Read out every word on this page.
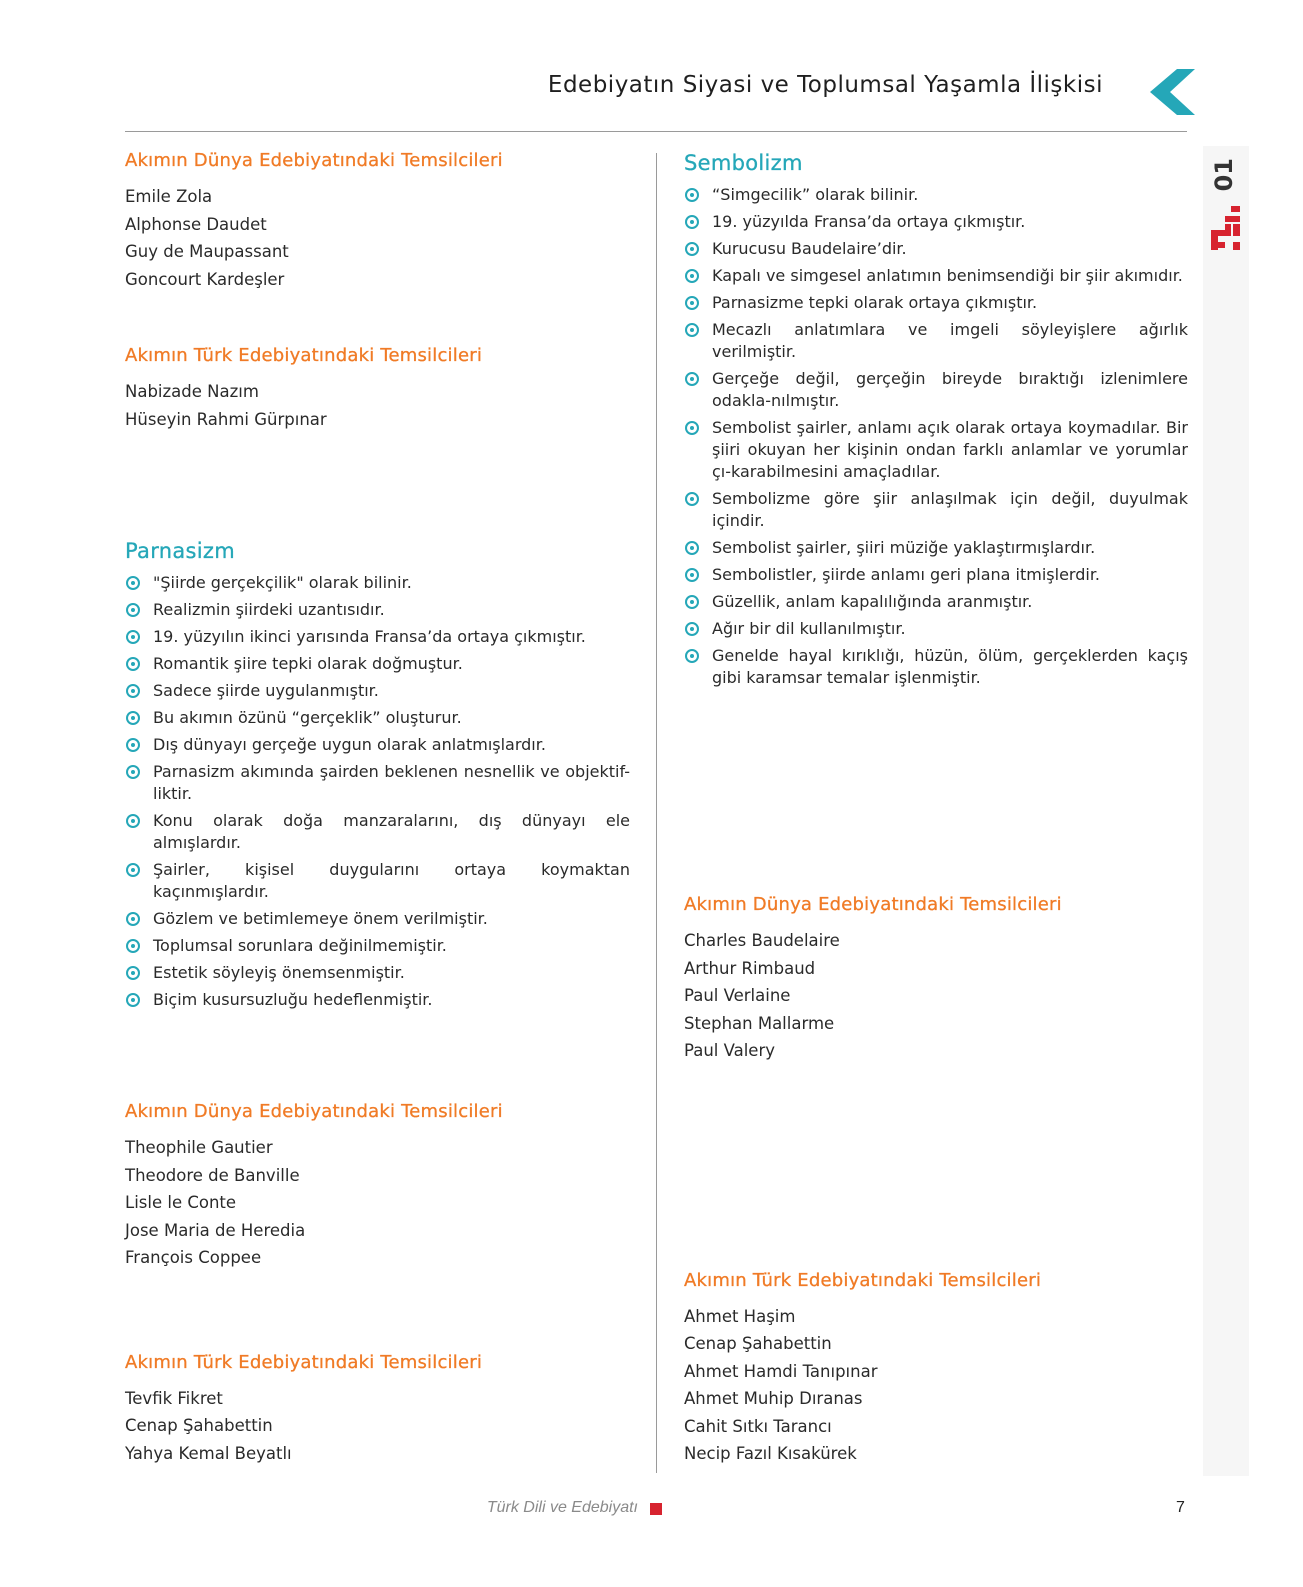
Edebiyatın Siyasi ve Toplumsal Yaşamla İlişkisi
01
Akımın Dünya Edebiyatındaki Temsilcileri
Emile Zola
Alphonse Daudet
Guy de Maupassant
Goncourt Kardeşler
Akımın Türk Edebiyatındaki Temsilcileri
Nabizade Nazım
Hüseyin Rahmi Gürpınar
Parnasizm
"Şiirde gerçekçilik" olarak bilinir.
Realizmin şiirdeki uzantısıdır.
19. yüzyılın ikinci yarısında Fransa’da ortaya çıkmıştır.
Romantik şiire tepki olarak doğmuştur.
Sadece şiirde uygulanmıştır.
Bu akımın özünü “gerçeklik” oluşturur.
Dış dünyayı gerçeğe uygun olarak anlatmışlardır.
Parnasizm akımında şairden beklenen nesnellik ve objektif-liktir.
Konu olarak doğa manzaralarını, dış dünyayı ele almışlardır.
Şairler, kişisel duygularını ortaya koymaktan kaçınmışlardır.
Gözlem ve betimlemeye önem verilmiştir.
Toplumsal sorunlara değinilmemiştir.
Estetik söyleyiş önemsenmiştir.
Biçim kusursuzluğu hedeflenmiştir.
Akımın Dünya Edebiyatındaki Temsilcileri
Theophile Gautier
Theodore de Banville
Lisle le Conte
Jose Maria de Heredia
François Coppee
Akımın Türk Edebiyatındaki Temsilcileri
Tevfik Fikret
Cenap Şahabettin
Yahya Kemal Beyatlı
Sembolizm
“Simgecilik” olarak bilinir.
19. yüzyılda Fransa’da ortaya çıkmıştır.
Kurucusu Baudelaire’dir.
Kapalı ve simgesel anlatımın benimsendiği bir şiir akımıdır.
Parnasizme tepki olarak ortaya çıkmıştır.
Mecazlı anlatımlara ve imgeli söyleyişlere ağırlık verilmiştir.
Gerçeğe değil, gerçeğin bireyde bıraktığı izlenimlere odakla-nılmıştır.
Sembolist şairler, anlamı açık olarak ortaya koymadılar. Bir şiiri okuyan her kişinin ondan farklı anlamlar ve yorumlar çı-karabilmesini amaçladılar.
Sembolizme göre şiir anlaşılmak için değil, duyulmak içindir.
Sembolist şairler, şiiri müziğe yaklaştırmışlardır.
Sembolistler, şiirde anlamı geri plana itmişlerdir.
Güzellik, anlam kapalılığında aranmıştır.
Ağır bir dil kullanılmıştır.
Genelde hayal kırıklığı, hüzün, ölüm, gerçeklerden kaçış gibi karamsar temalar işlenmiştir.
Akımın Dünya Edebiyatındaki Temsilcileri
Charles Baudelaire
Arthur Rimbaud
Paul Verlaine
Stephan Mallarme
Paul Valery
Akımın Türk Edebiyatındaki Temsilcileri
Ahmet Haşim
Cenap Şahabettin
Ahmet Hamdi Tanıpınar
Ahmet Muhip Dıranas
Cahit Sıtkı Tarancı
Necip Fazıl Kısakürek
Türk Dili ve Edebiyatı	7
